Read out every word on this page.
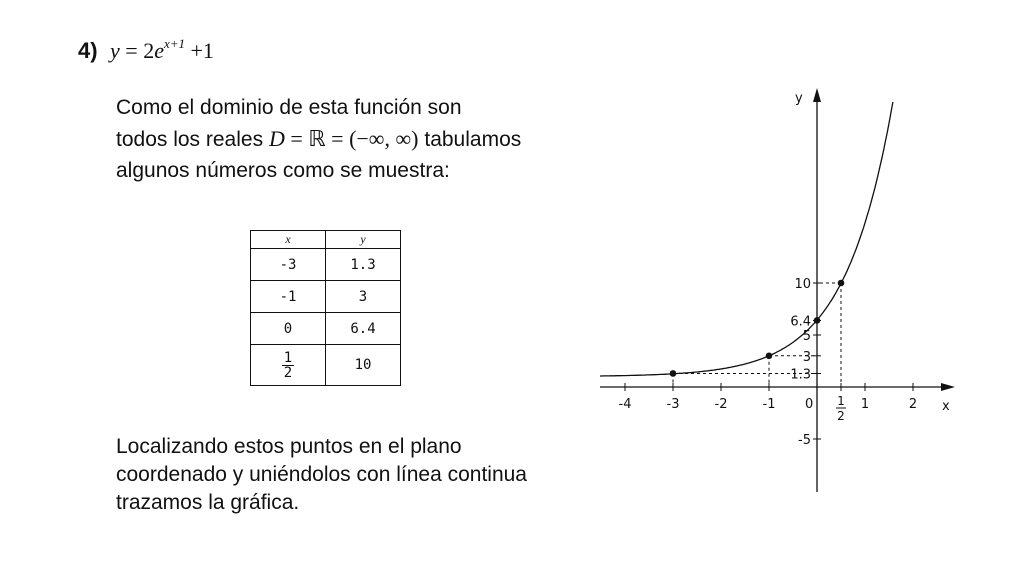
4) $y = 2e^{x+1} +1$
Como el dominio de esta función son
todos los reales D = ℝ = (−∞, ∞) tabulamos
algunos números como se muestra:
x	y
-3	1.3
-1	3
0	6.4

$\frac{1}{2}$	10
Localizando estos puntos en el plano
coordenado y uniéndolos con línea continua
trazamos la gráfica.
x
y
-4	-3	-2	-1 0	1	2
1
2
10
6.4
5
3
1.3
-5
